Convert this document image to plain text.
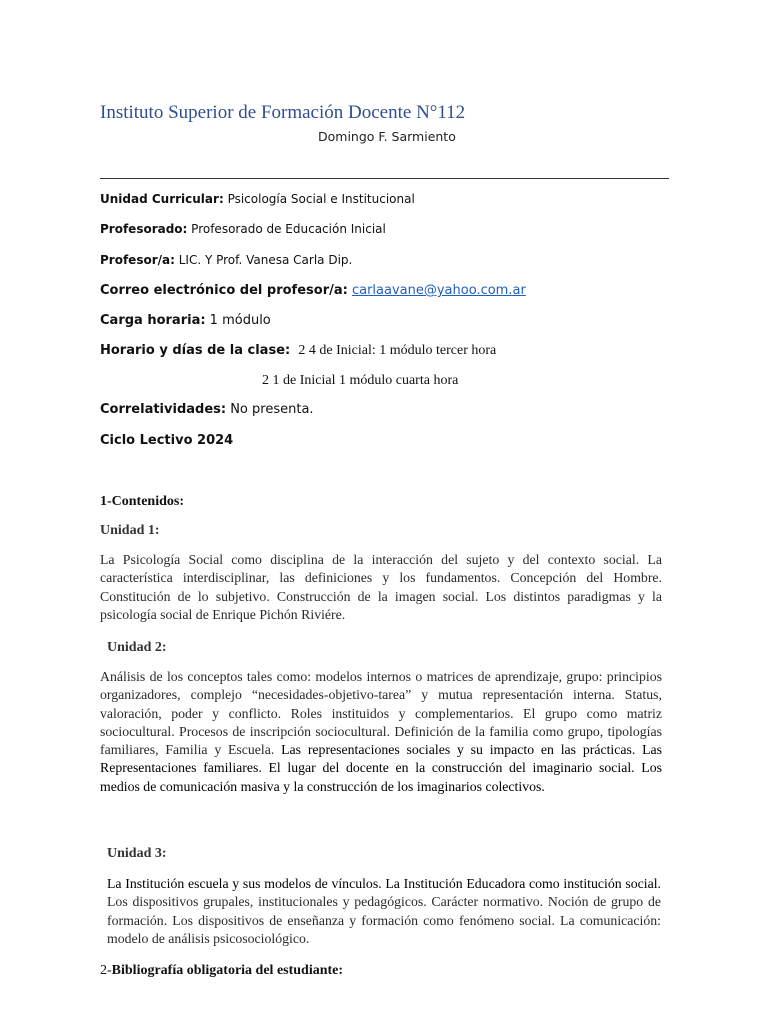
Instituto Superior de Formación Docente N°112
Domingo F. Sarmiento
Unidad Curricular: Psicología Social e Institucional
Profesorado: Profesorado de Educación Inicial
Profesor/a: LIC. Y Prof. Vanesa Carla Dip.
Correo electrónico del profesor/a: carlaavane@yahoo.com.ar
Carga horaria: 1 módulo
Horario y días de la clase: 2 4 de Inicial: 1 módulo tercer hora
2 1 de Inicial 1 módulo cuarta hora
Correlatividades: No presenta.
Ciclo Lectivo 2024
1-Contenidos:
Unidad 1:
La Psicología Social como disciplina de la interacción del sujeto y del contexto social. La característica interdisciplinar, las definiciones y los fundamentos. Concepción del Hombre. Constitución de lo subjetivo. Construcción de la imagen social. Los distintos paradigmas y la psicología social de Enrique Pichón Riviére.
Unidad 2:
Análisis de los conceptos tales como: modelos internos o matrices de aprendizaje, grupo: principios organizadores, complejo “necesidades-objetivo-tarea” y mutua representación interna. Status, valoración, poder y conflicto. Roles instituidos y complementarios. El grupo como matriz sociocultural. Procesos de inscripción sociocultural. Definición de la familia como grupo, tipologías familiares, Familia y Escuela. Las representaciones sociales y su impacto en las prácticas. Las Representaciones familiares. El lugar del docente en la construcción del imaginario social. Los medios de comunicación masiva y la construcción de los imaginarios colectivos.
Unidad 3:
La Institución escuela y sus modelos de vínculos. La Institución Educadora como institución social. Los dispositivos grupales, institucionales y pedagógicos. Carácter normativo. Noción de grupo de formación. Los dispositivos de enseñanza y formación como fenómeno social. La comunicación: modelo de análisis psicosociológico.
2-Bibliografía obligatoria del estudiante:
